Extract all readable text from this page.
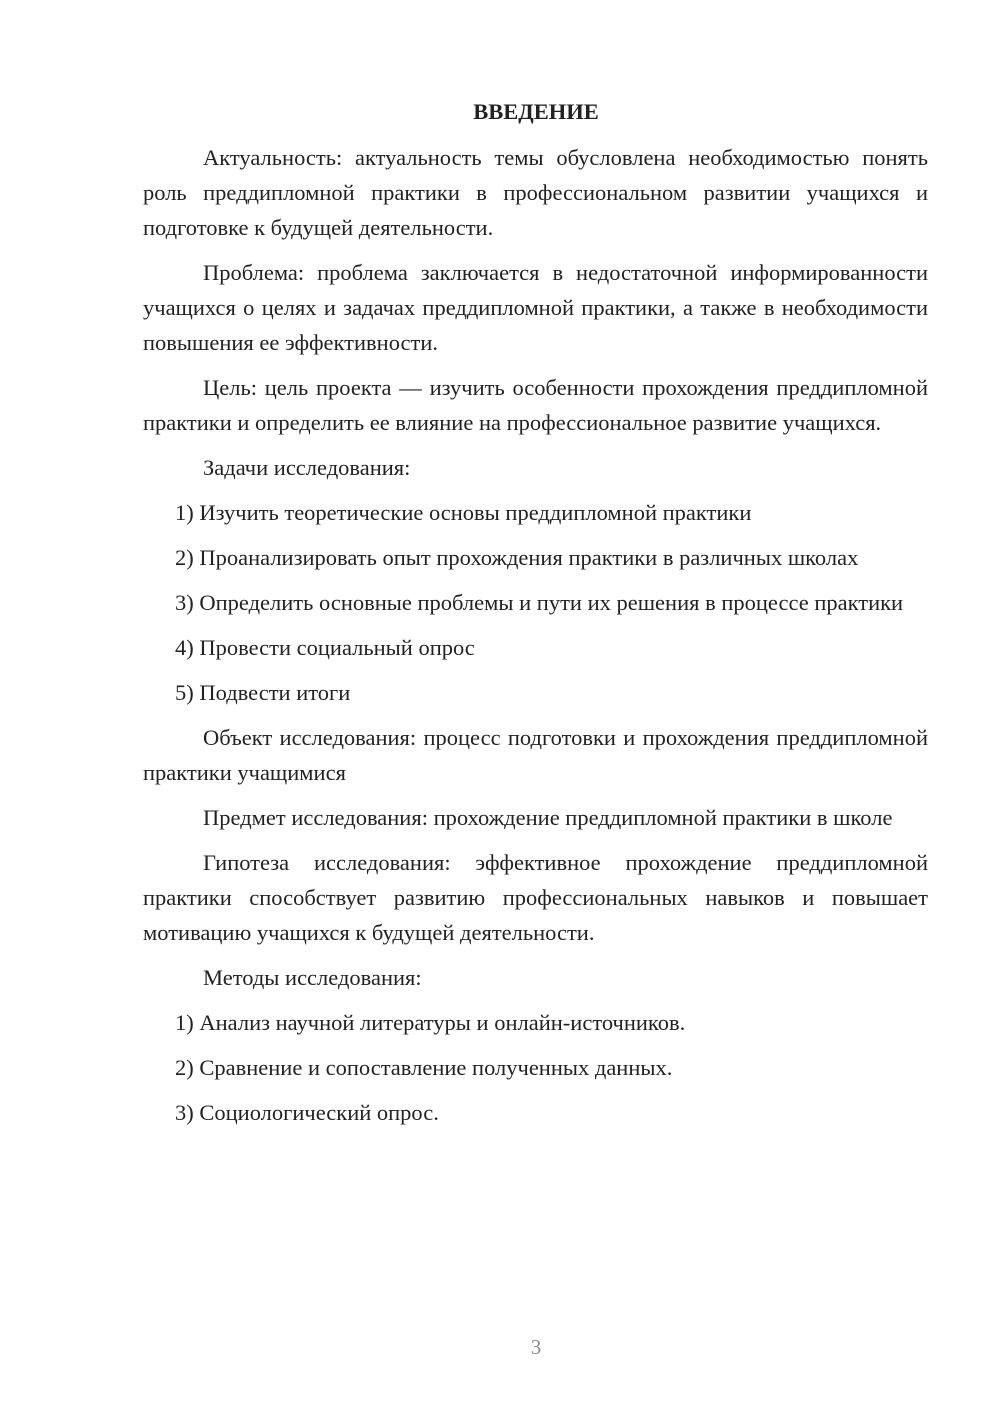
ВВЕДЕНИЕ

Актуальность: актуальность темы обусловлена необходимостью понять роль преддипломной практики в профессиональном развитии учащихся и подготовке к будущей деятельности.

Проблема: проблема заключается в недостаточной информированности учащихся о целях и задачах преддипломной практики, а также в необходимости повышения ее эффективности.

Цель: цель проекта — изучить особенности прохождения преддипломной практики и определить ее влияние на профессиональное развитие учащихся.

Задачи исследования:

1) Изучить теоретические основы преддипломной практики

2) Проанализировать опыт прохождения практики в различных школах

3) Определить основные проблемы и пути их решения в процессе практики

4) Провести социальный опрос

5) Подвести итоги

Объект исследования: процесс подготовки и прохождения преддипломной практики учащимися

Предмет исследования: прохождение преддипломной практики в школе

Гипотеза исследования: эффективное прохождение преддипломной практики способствует развитию профессиональных навыков и повышает мотивацию учащихся к будущей деятельности.

Методы исследования:

1) Анализ научной литературы и онлайн-источников.

2) Сравнение и сопоставление полученных данных.

3) Социологический опрос.

3
